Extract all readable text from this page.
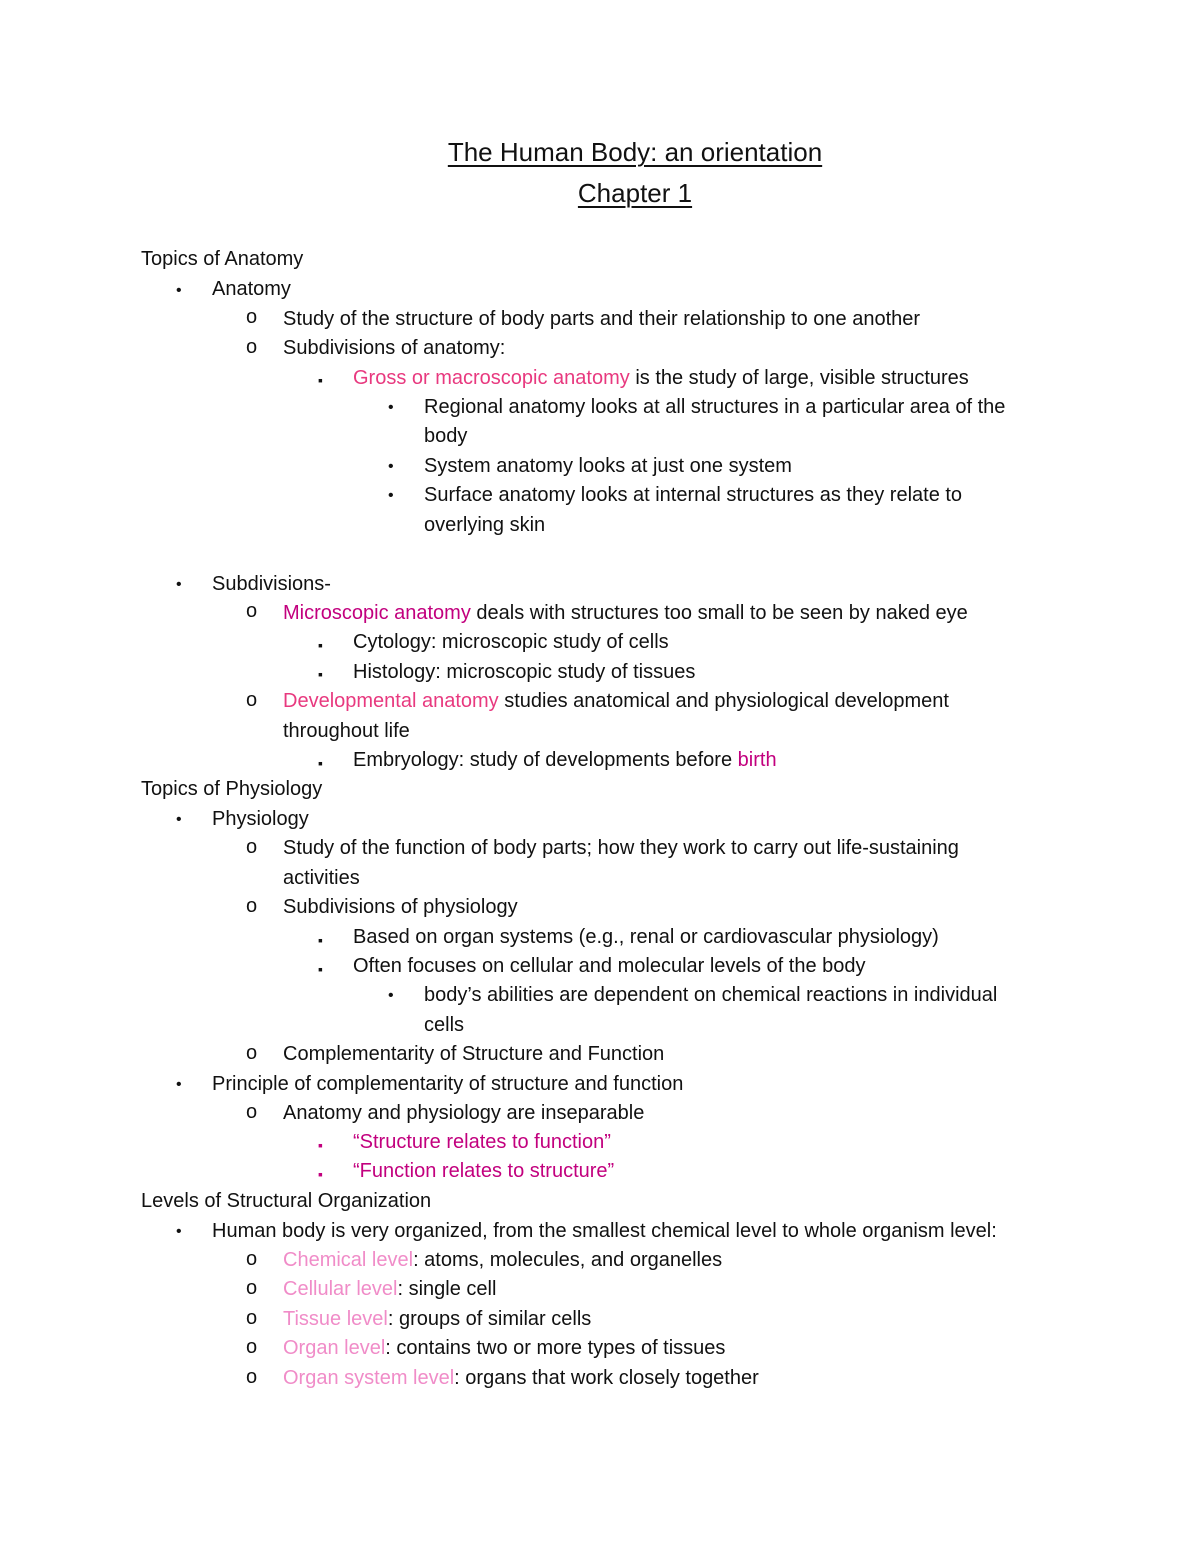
The Human Body: an orientation
Chapter 1
Topics of Anatomy
• Anatomy
o Study of the structure of body parts and their relationship to one another
o Subdivisions of anatomy:
▪ Gross or macroscopic anatomy is the study of large, visible structures
• Regional anatomy looks at all structures in a particular area of the
body
• System anatomy looks at just one system
• Surface anatomy looks at internal structures as they relate to
overlying skin
• Subdivisions-
o Microscopic anatomy deals with structures too small to be seen by naked eye
▪ Cytology: microscopic study of cells
▪ Histology: microscopic study of tissues
o Developmental anatomy studies anatomical and physiological development
throughout life
▪ Embryology: study of developments before birth
Topics of Physiology
• Physiology
o Study of the function of body parts; how they work to carry out life-sustaining
activities
o Subdivisions of physiology
▪ Based on organ systems (e.g., renal or cardiovascular physiology)
▪ Often focuses on cellular and molecular levels of the body
• body’s abilities are dependent on chemical reactions in individual
cells
o Complementarity of Structure and Function
• Principle of complementarity of structure and function
o Anatomy and physiology are inseparable
▪ “Structure relates to function”
▪ “Function relates to structure”
Levels of Structural Organization
• Human body is very organized, from the smallest chemical level to whole organism level:
o Chemical level: atoms, molecules, and organelles
o Cellular level: single cell
o Tissue level: groups of similar cells
o Organ level: contains two or more types of tissues
o Organ system level: organs that work closely together
